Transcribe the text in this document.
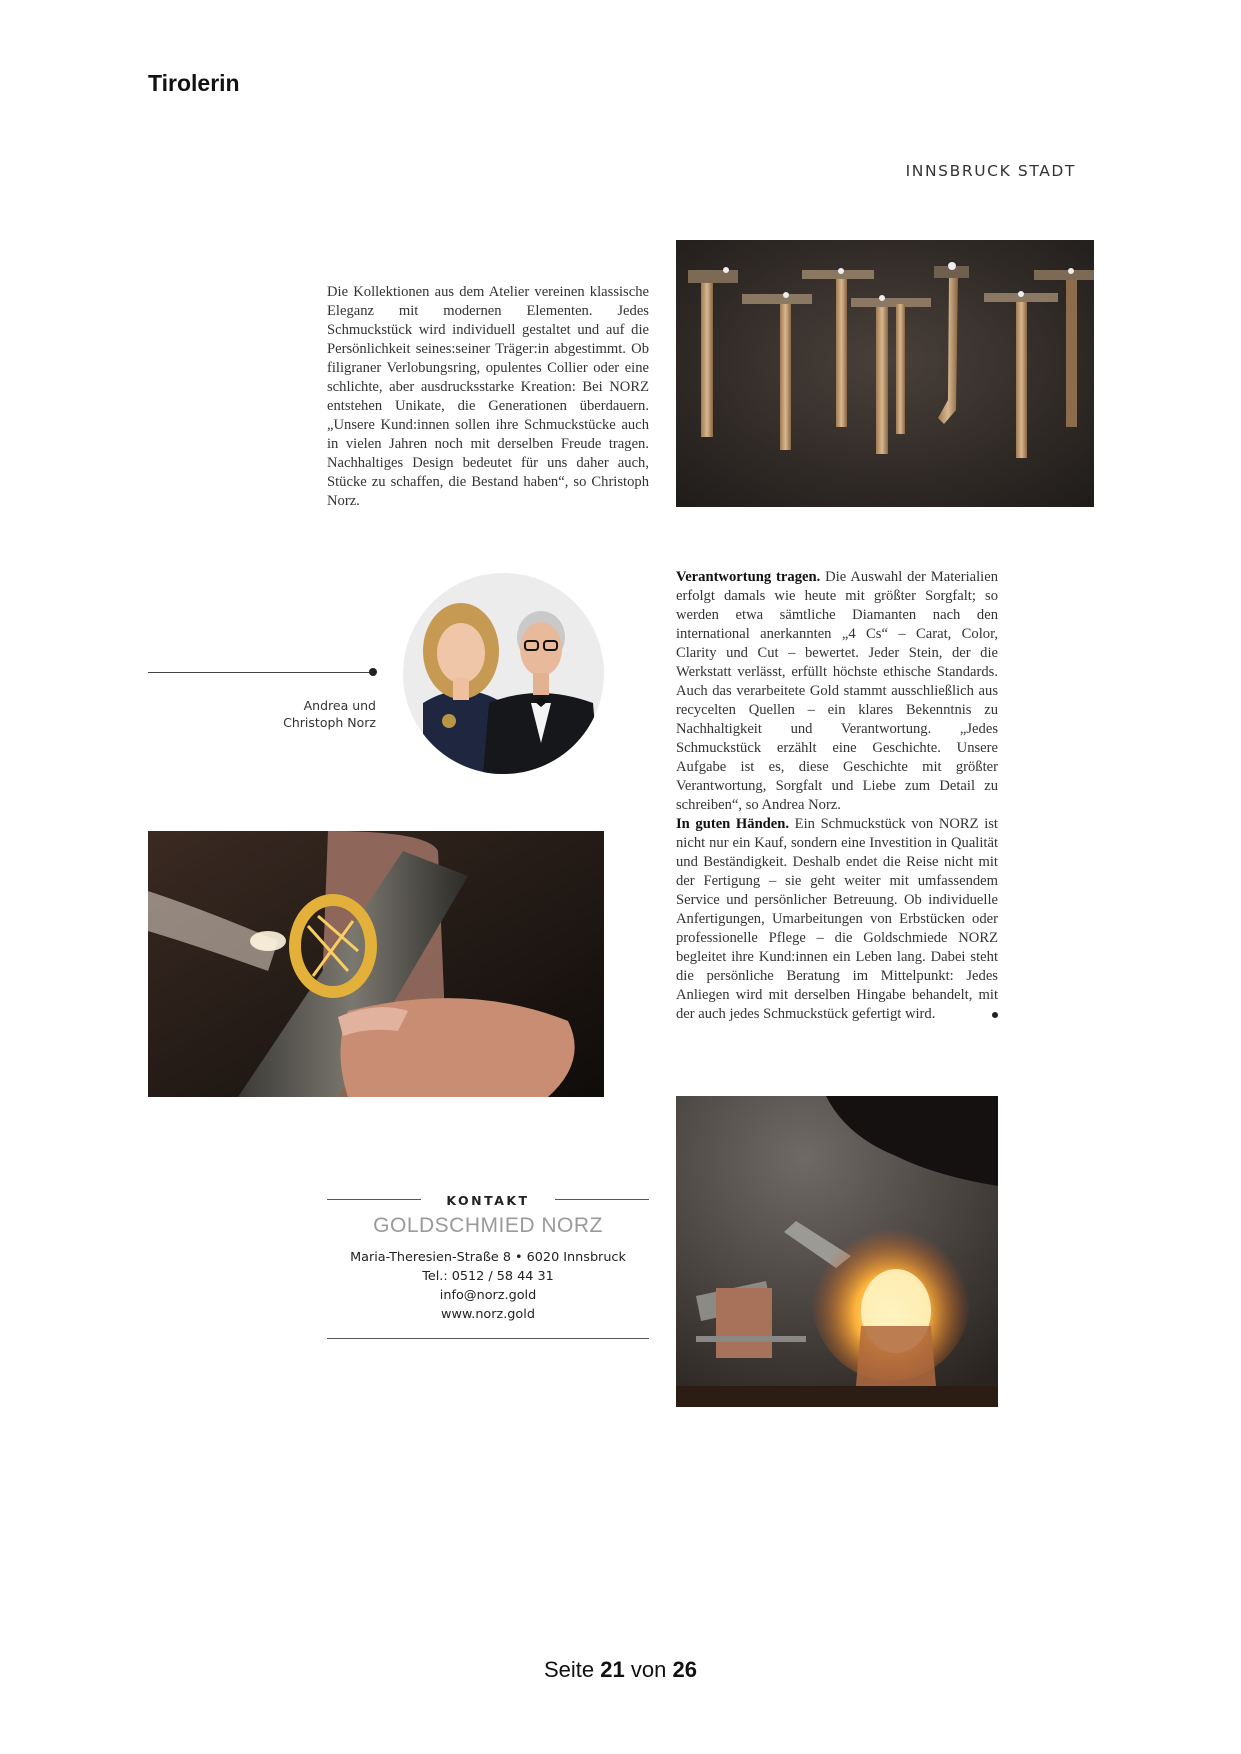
Tirolerin
INNSBRUCK STADT

Die Kollektionen aus dem Atelier vereinen klassische Eleganz mit modernen Elementen. Jedes Schmuckstück wird individuell gestaltet und auf die Persönlichkeit seines:seiner Träger:in abgestimmt. Ob filigraner Verlobungsring, opulentes Collier oder eine schlichte, aber ausdrucksstarke Kreation: Bei NORZ entstehen Unikate, die Generationen überdauern. „Unsere Kund:innen sollen ihre Schmuckstücke auch in vielen Jahren noch mit derselben Freude tragen. Nachhaltiges Design bedeutet für uns daher auch, Stücke zu schaffen, die Bestand haben“, so Christoph Norz.

Andrea und
Christoph Norz

Verantwortung tragen. Die Auswahl der Materialien erfolgt damals wie heute mit größter Sorgfalt; so werden etwa sämtliche Diamanten nach den international anerkannten „4 Cs“ – Carat, Color, Clarity und Cut – bewertet. Jeder Stein, der die Werkstatt verlässt, erfüllt höchste ethische Standards. Auch das verarbeitete Gold stammt ausschließlich aus recycelten Quellen – ein klares Bekenntnis zu Nachhaltigkeit und Verantwortung. „Jedes Schmuckstück erzählt eine Geschichte. Unsere Aufgabe ist es, diese Geschichte mit größter Verantwortung, Sorgfalt und Liebe zum Detail zu schreiben“, so Andrea Norz.

In guten Händen. Ein Schmuckstück von NORZ ist nicht nur ein Kauf, sondern eine Investition in Qualität und Beständigkeit. Deshalb endet die Reise nicht mit der Fertigung – sie geht weiter mit umfassendem Service und persönlicher Betreuung. Ob individuelle Anfertigungen, Umarbeitungen von Erbstücken oder professionelle Pflege – die Goldschmiede NORZ begleitet ihre Kund:innen ein Leben lang. Dabei steht die persönliche Beratung im Mittelpunkt: Jedes Anliegen wird mit derselben Hingabe behandelt, mit der auch jedes Schmuckstück gefertigt wird.

KONTAKT
GOLDSCHMIED NORZ
Maria-Theresien-Straße 8 • 6020 Innsbruck
Tel.: 0512 / 58 44 31
info@norz.gold
www.norz.gold
Seite 21 von 26
